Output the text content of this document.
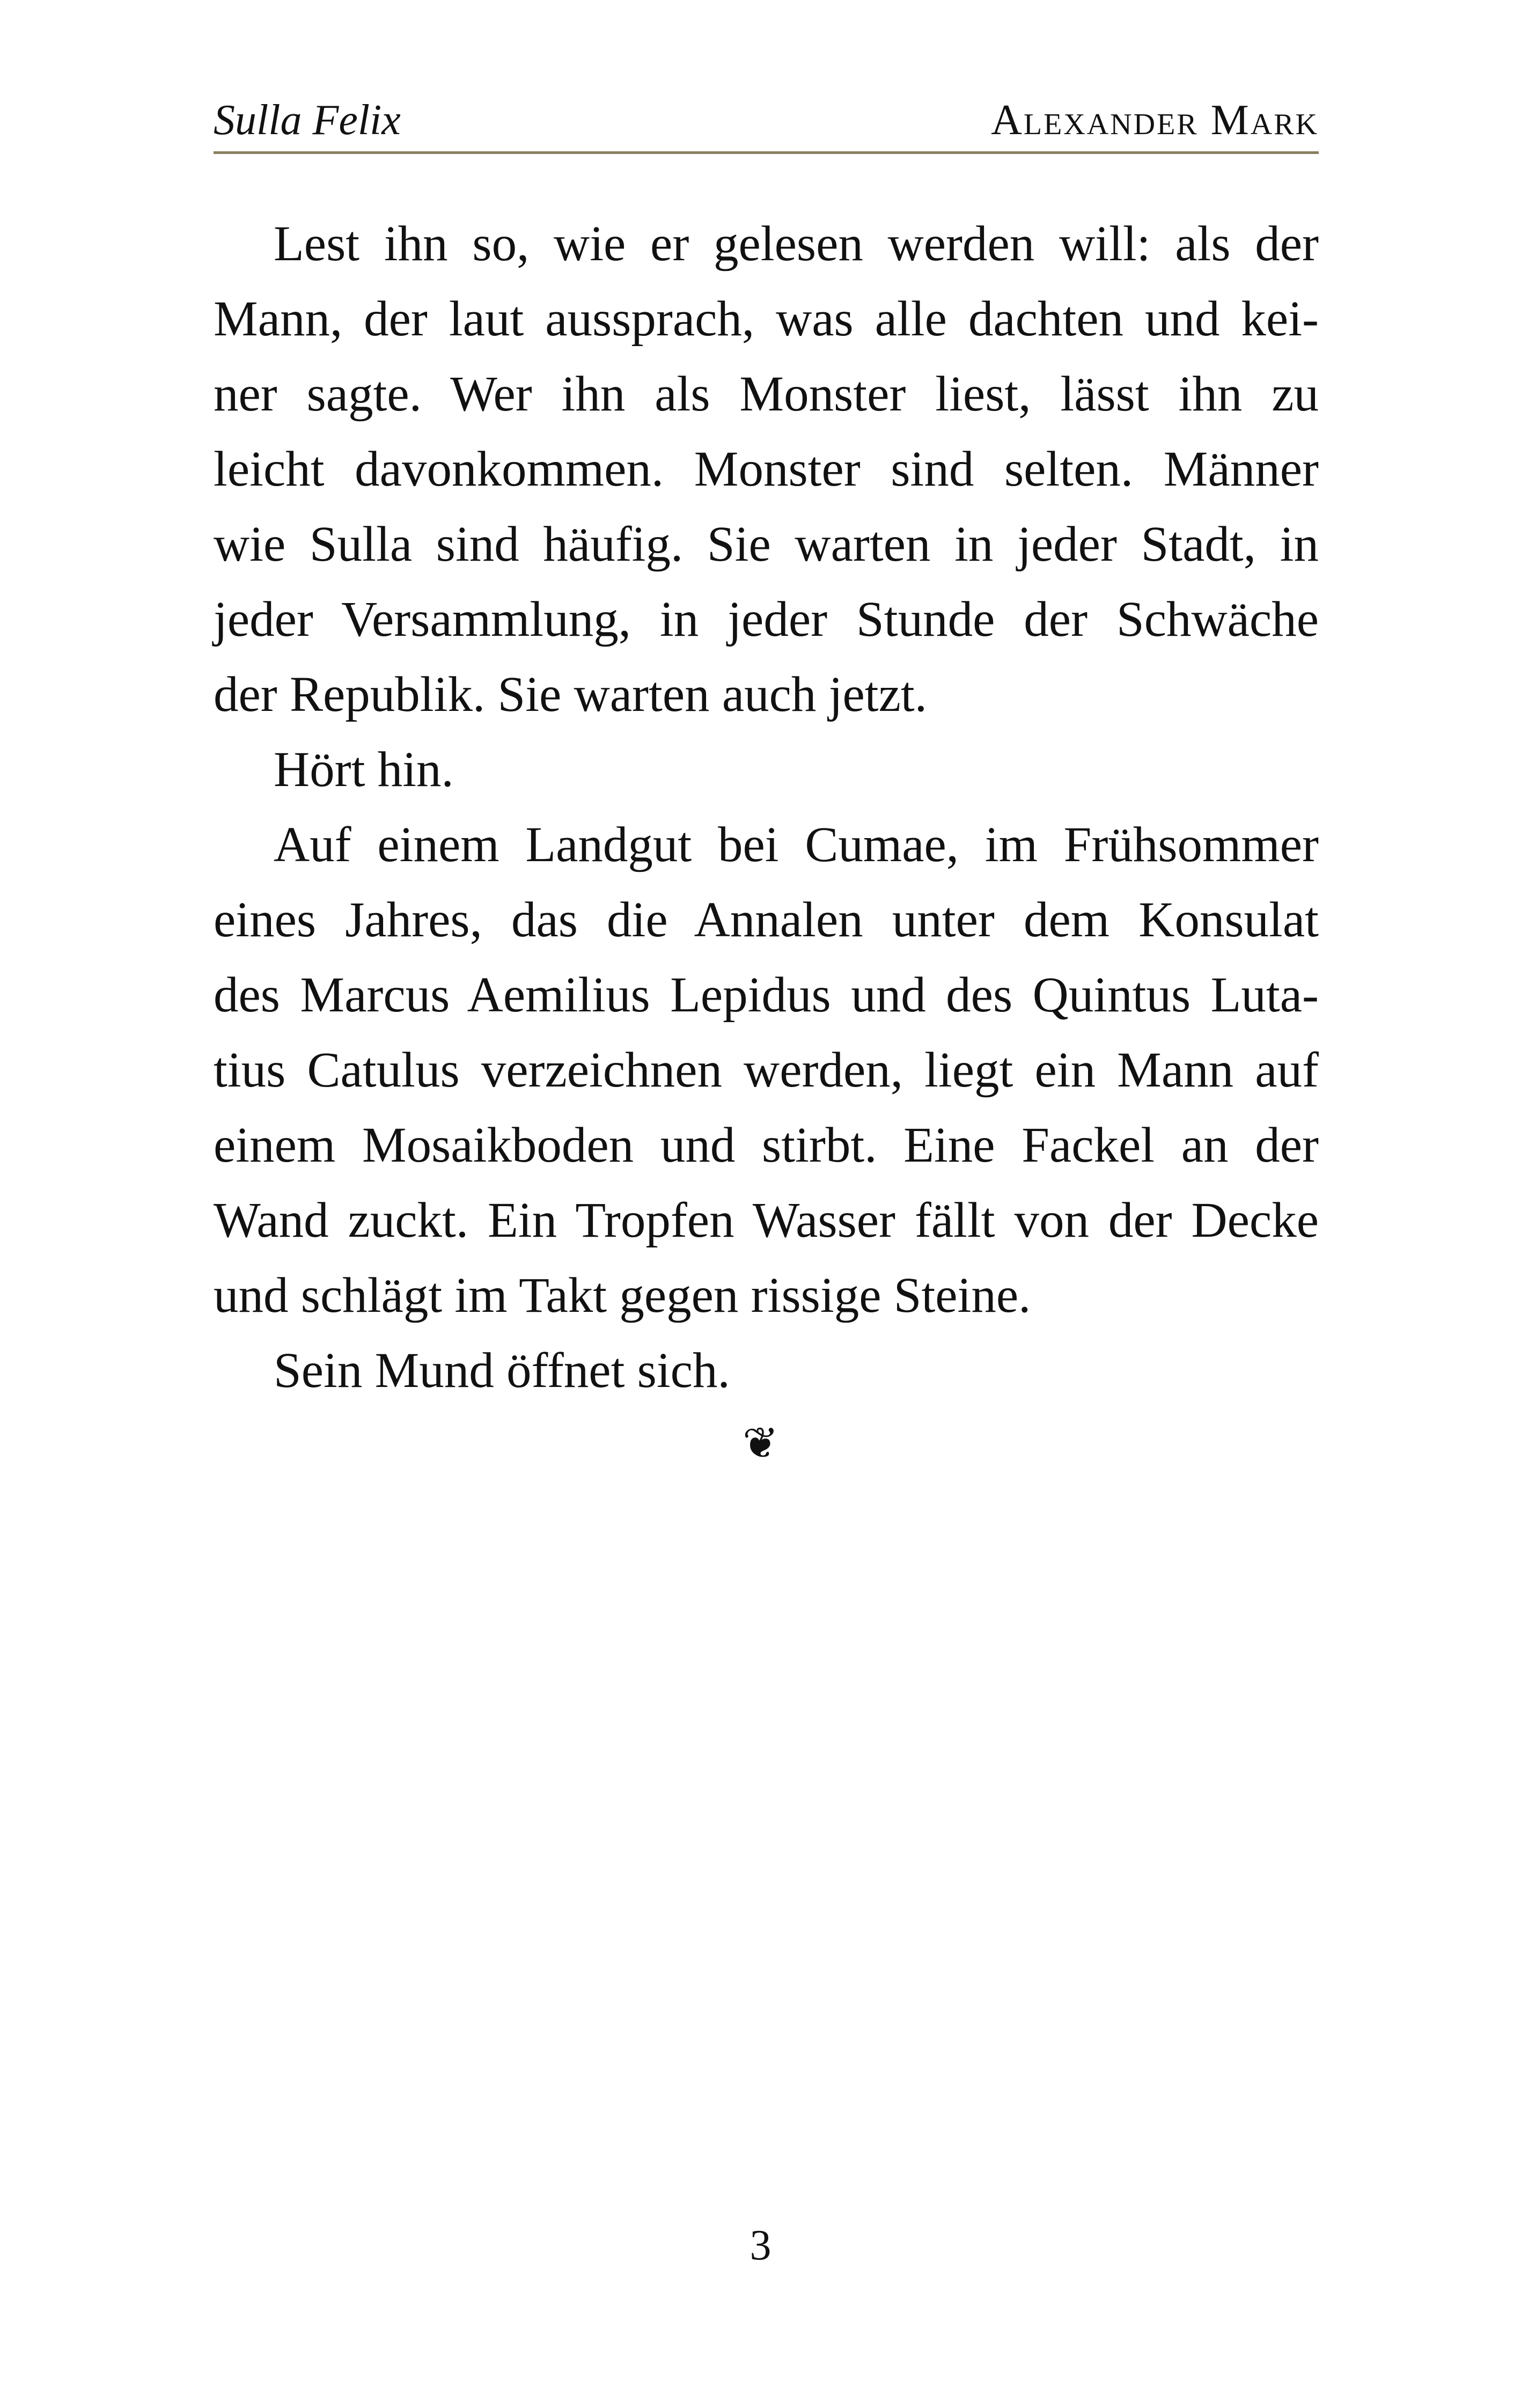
Sulla Felix	Alexander Mark
Lest ihn so, wie er gelesen werden will: als der
Mann, der laut aussprach, was alle dachten und kei-
ner sagte. Wer ihn als Monster liest, lässt ihn zu
leicht davonkommen. Monster sind selten. Männer
wie Sulla sind häufig. Sie warten in jeder Stadt, in
jeder Versammlung, in jeder Stunde der Schwäche
der Republik. Sie warten auch jetzt.
Hört hin.
Auf einem Landgut bei Cumae, im Frühsommer
eines Jahres, das die Annalen unter dem Konsulat
des Marcus Aemilius Lepidus und des Quintus Luta-
tius Catulus verzeichnen werden, liegt ein Mann auf
einem Mosaikboden und stirbt. Eine Fackel an der
Wand zuckt. Ein Tropfen Wasser fällt von der Decke
und schlägt im Takt gegen rissige Steine.
Sein Mund öffnet sich.
❦
3
